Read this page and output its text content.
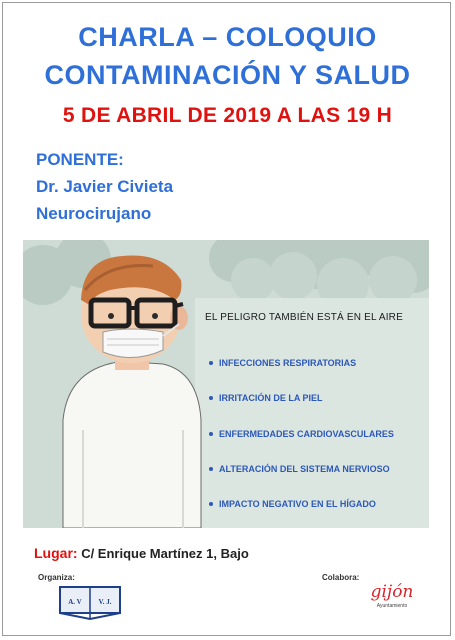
CHARLA – COLOQUIO
CONTAMINACIÓN Y SALUD
5 DE ABRIL DE 2019 A LAS 19 H
PONENTE:
Dr. Javier Civieta
Neurocirujano
EL PELIGRO TAMBIÉN ESTÁ EN EL AIRE
INFECCIONES RESPIRATORIAS
IRRITACIÓN DE LA PIEL
ENFERMEDADES CARDIOVASCULARES
ALTERACIÓN DEL SISTEMA NERVIOSO
IMPACTO NEGATIVO EN EL HÍGADO
Lugar: C/ Enrique Martínez 1, Bajo
Organiza:	Colabora:
A. V V. J.	gijón
Ayuntamiento
